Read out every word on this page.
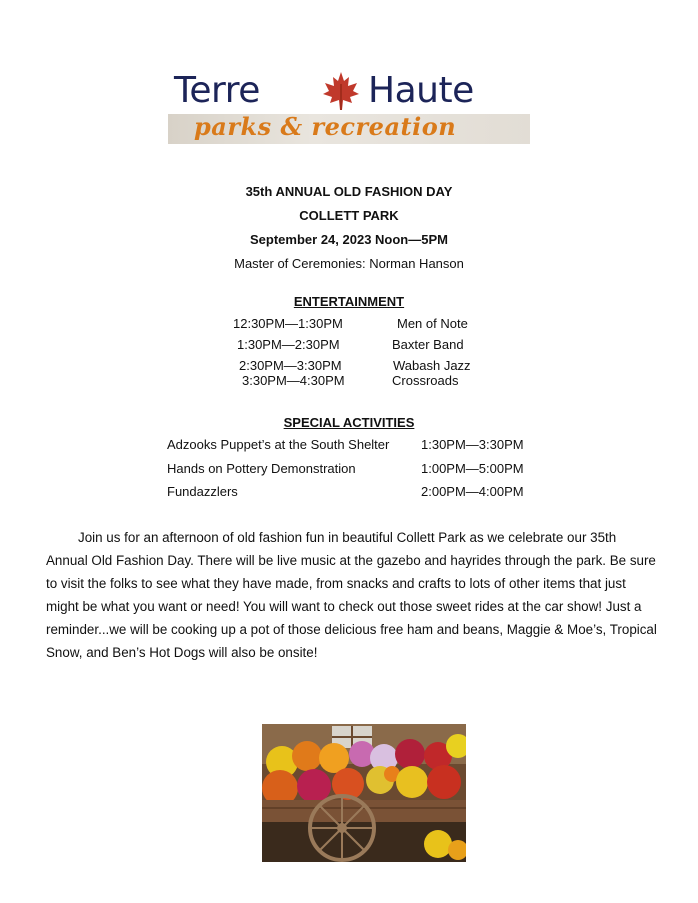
Terre	Haute
parks & recreation
35th ANNUAL OLD FASHION DAY
COLLETT PARK
September 24, 2023 Noon—5PM
Master of Ceremonies: Norman Hanson
ENTERTAINMENT
12:30PM—1:30PM	Men of Note
1:30PM—2:30PM	Baxter Band
2:30PM—3:30PM	Wabash Jazz
3:30PM—4:30PM	Crossroads
SPECIAL ACTIVITIES
Adzooks Puppet’s at the South Shelter 1:30PM—3:30PM
Hands on Pottery Demonstration	1:00PM—5:00PM
Fundazzlers	2:00PM—4:00PM

Join us for an afternoon of old fashion fun in beautiful Collett Park as we celebrate our 35th Annual Old Fashion Day. There will be live music at the gazebo and hayrides through the park. Be sure to visit the folks to see what they have made, from snacks and crafts to lots of other items that just might be what you want or need! You will want to check out those sweet rides at the car show! Just a reminder...we will be cooking up a pot of those delicious free ham and beans, Maggie & Moe’s, Tropical Snow, and Ben’s Hot Dogs will also be onsite!
